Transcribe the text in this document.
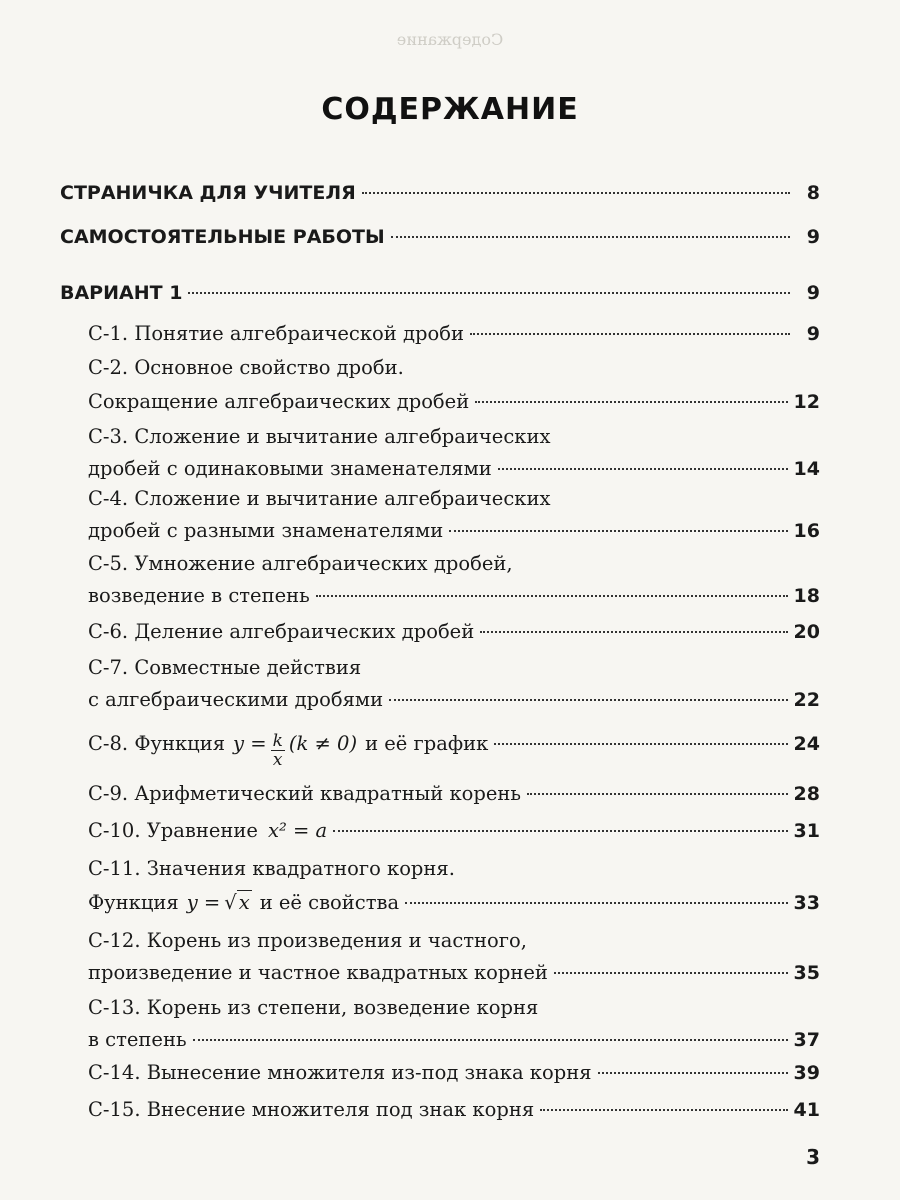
Содержание
СОДЕРЖАНИЕ
СТРАНИЧКА ДЛЯ УЧИТЕЛЯ	8
САМОСТОЯТЕЛЬНЫЕ РАБОТЫ	9
ВАРИАНТ 1	9
С-1. Понятие алгебраической дроби	9
С-2. Основное свойство дроби.
Сокращение алгебраических дробей	12
С-3. Сложение и вычитание алгебраических
дробей с одинаковыми знаменателями	14
С-4. Сложение и вычитание алгебраических
дробей с разными знаменателями	16
С-5. Умножение алгебраических дробей,
возведение в степень	18
С-6. Деление алгебраических дробей	20
С-7. Совместные действия
с алгебраическими дробями	22
С-8. Функция $y = \frac{k}{x} (k \ne 0)$ и её график	24
С-9. Арифметический квадратный корень	28
С-10. Уравнение x² = a	31
С-11. Значения квадратного корня.
Функция y = √ x и её свойства	33
С-12. Корень из произведения и частного,
произведение и частное квадратных корней	35
С-13. Корень из степени, возведение корня
в степень	37
С-14. Вынесение множителя из-под знака корня	39
С-15. Внесение множителя под знак корня	41
3
